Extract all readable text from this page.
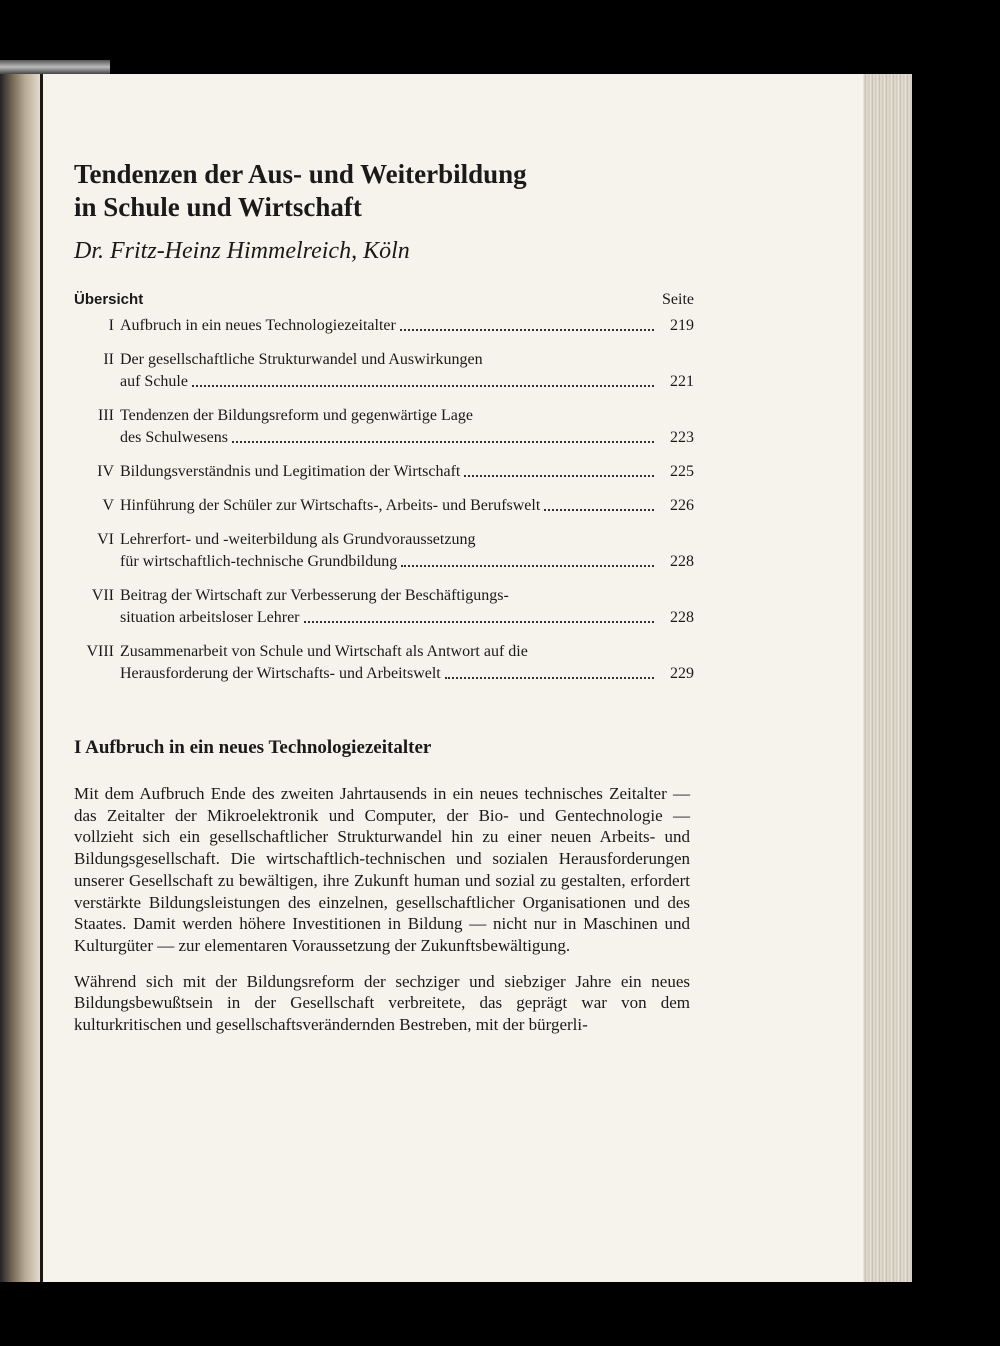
Tendenzen der Aus- und Weiterbildung
in Schule und Wirtschaft
Dr. Fritz-Heinz Himmelreich, Köln
Übersicht	Seite
I Aufbruch in ein neues Technologiezeitalter	219
II Der gesellschaftliche Strukturwandel und Auswirkungen
auf Schule	221
III Tendenzen der Bildungsreform und gegenwärtige Lage
des Schulwesens	223
IV Bildungsverständnis und Legitimation der Wirtschaft	225
V Hinführung der Schüler zur Wirtschafts-, Arbeits- und Berufswelt	226
VI Lehrerfort- und -weiterbildung als Grundvoraussetzung
für wirtschaftlich-technische Grundbildung	228
VII Beitrag der Wirtschaft zur Verbesserung der Beschäftigungs-
situation arbeitsloser Lehrer	228
VIII Zusammenarbeit von Schule und Wirtschaft als Antwort auf die
Herausforderung der Wirtschafts- und Arbeitswelt	229
I Aufbruch in ein neues Technologiezeitalter

Mit dem Aufbruch Ende des zweiten Jahrtausends in ein neues technisches Zeitalter — das Zeitalter der Mikroelektronik und Computer, der Bio- und Gentechnologie — vollzieht sich ein gesellschaftlicher Strukturwandel hin zu einer neuen Arbeits- und Bildungsgesellschaft. Die wirtschaftlich-technischen und sozialen Herausforderungen unserer Gesellschaft zu bewältigen, ihre Zukunft human und sozial zu gestalten, erfordert verstärkte Bildungsleistungen des einzelnen, gesellschaftlicher Organisationen und des Staates. Damit werden höhere Investitionen in Bildung — nicht nur in Maschinen und Kulturgüter — zur elementaren Voraussetzung der Zukunftsbewältigung.

Während sich mit der Bildungsreform der sechziger und siebziger Jahre ein neues Bildungsbewußtsein in der Gesellschaft verbreitete, das geprägt war von dem kulturkritischen und gesellschaftsverändernden Bestreben, mit der bürgerli-
